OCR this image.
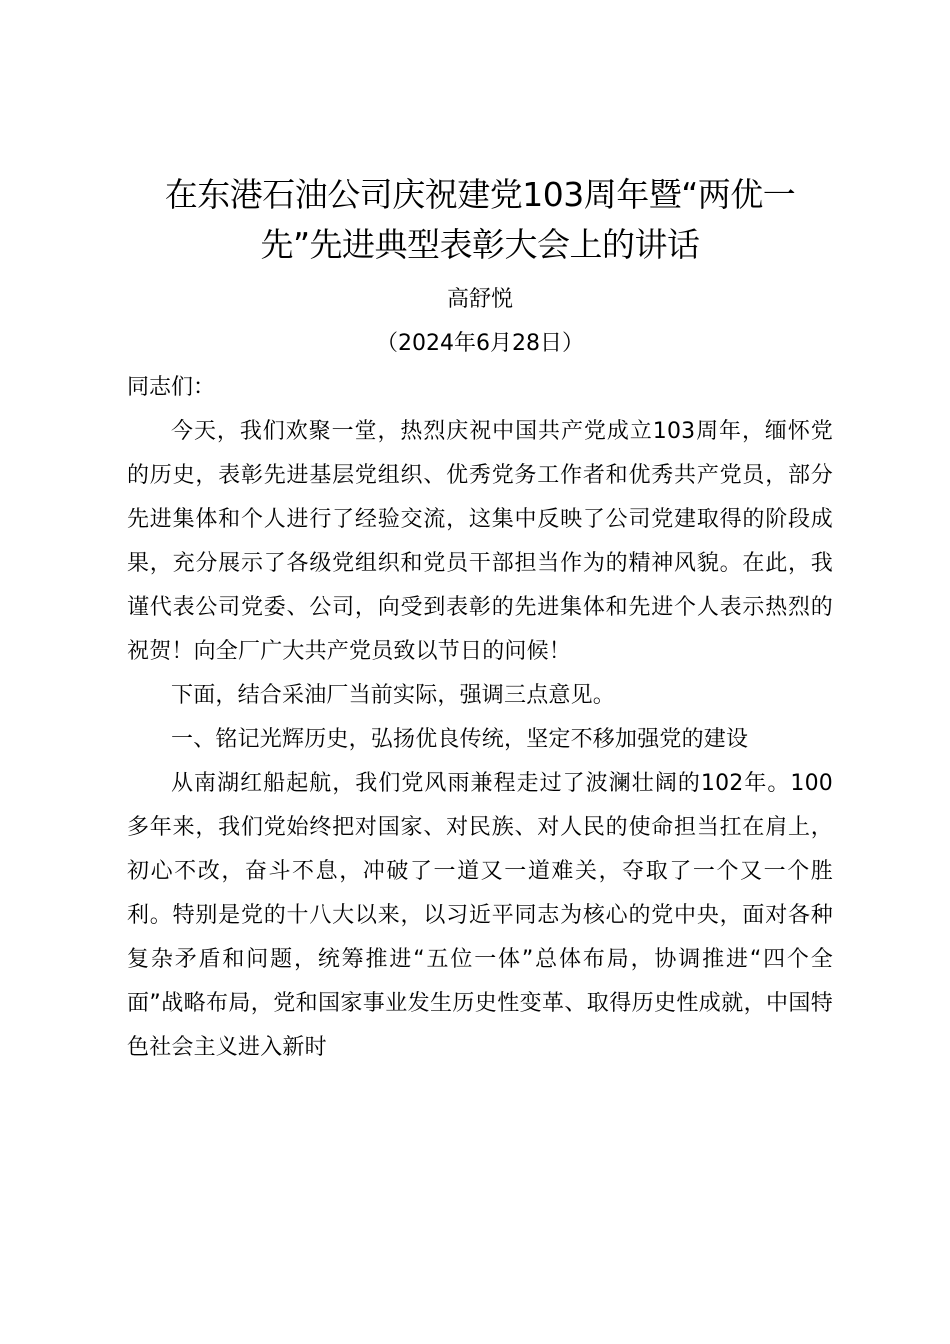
在东港石油公司庆祝建党103周年暨“两优一先”先进典型表彰大会上的讲话
高舒悦
（2024年6月28日）
同志们：

今天，我们欢聚一堂，热烈庆祝中国共产党成立103周年，缅怀党的历史，表彰先进基层党组织、优秀党务工作者和优秀共产党员，部分先进集体和个人进行了经验交流，这集中反映了公司党建取得的阶段成果，充分展示了各级党组织和党员干部担当作为的精神风貌。在此，我谨代表公司党委、公司，向受到表彰的先进集体和先进个人表示热烈的祝贺！向全厂广大共产党员致以节日的问候！

下面，结合采油厂当前实际，强调三点意见。

一、铭记光辉历史，弘扬优良传统，坚定不移加强党的建设

从南湖红船起航，我们党风雨兼程走过了波澜壮阔的102年。100多年来，我们党始终把对国家、对民族、对人民的使命担当扛在肩上，初心不改，奋斗不息，冲破了一道又一道难关，夺取了一个又一个胜利。特别是党的十八大以来，以习近平同志为核心的党中央，面对各种复杂矛盾和问题，统筹推进“五位一体”总体布局，协调推进“四个全面”战略布局，党和国家事业发生历史性变革、取得历史性成就，中国特色社会主义进入新时
